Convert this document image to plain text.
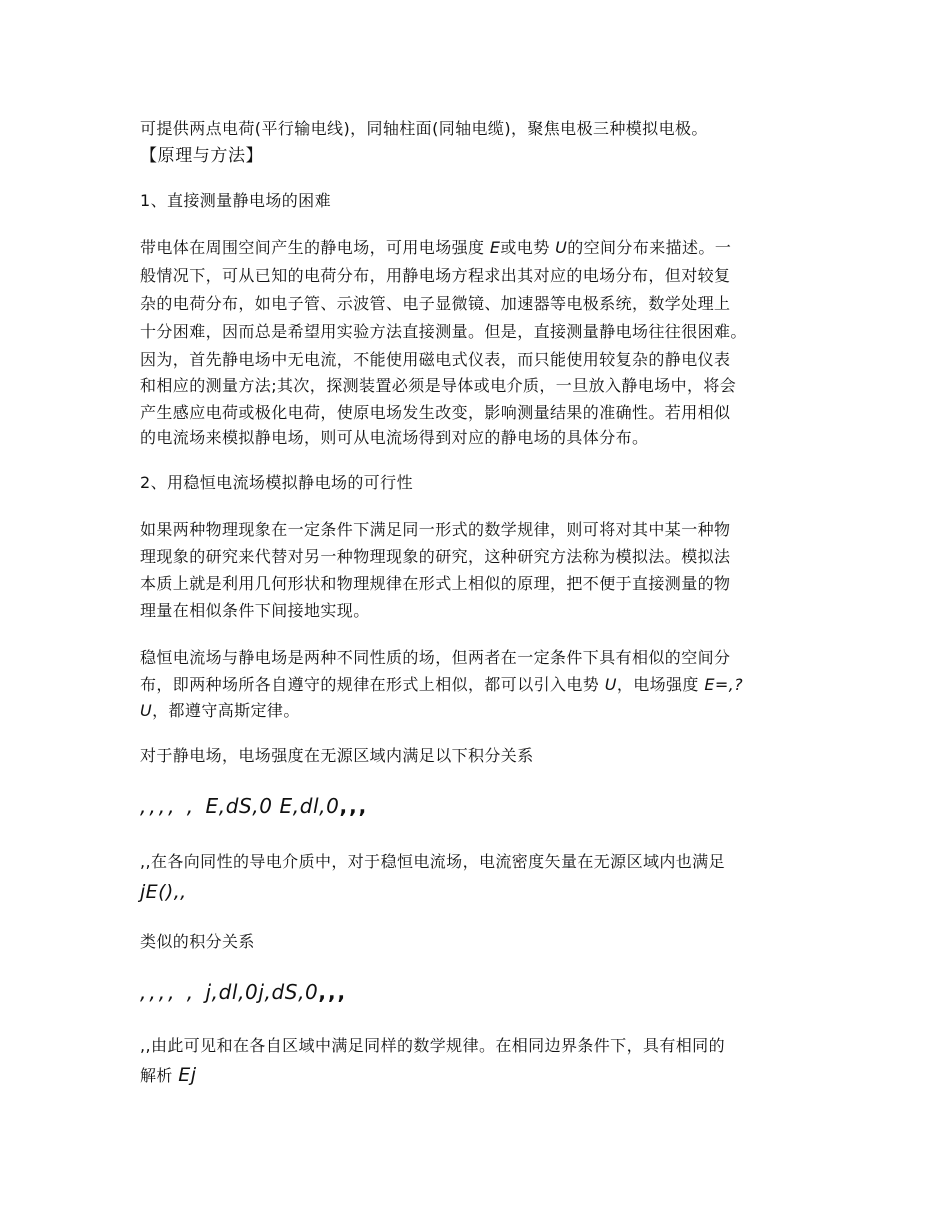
可提供两点电荷(平行输电线)，同轴柱面(同轴电缆)，聚焦电极三种模拟电极。
【原理与方法】
1、直接测量静电场的困难
带电体在周围空间产生的静电场，可用电场强度 E或电势 U的空间分布来描述。一
般情况下，可从已知的电荷分布，用静电场方程求出其对应的电场分布，但对较复
杂的电荷分布，如电子管、示波管、电子显微镜、加速器等电极系统，数学处理上
十分困难，因而总是希望用实验方法直接测量。但是，直接测量静电场往往很困难。
因为，首先静电场中无电流，不能使用磁电式仪表，而只能使用较复杂的静电仪表
和相应的测量方法;其次，探测装置必须是导体或电介质，一旦放入静电场中，将会
产生感应电荷或极化电荷，使原电场发生改变，影响测量结果的准确性。若用相似
的电流场来模拟静电场，则可从电流场得到对应的静电场的具体分布。
2、用稳恒电流场模拟静电场的可行性
如果两种物理现象在一定条件下满足同一形式的数学规律，则可将对其中某一种物
理现象的研究来代替对另一种物理现象的研究，这种研究方法称为模拟法。模拟法
本质上就是利用几何形状和物理规律在形式上相似的原理，把不便于直接测量的物
理量在相似条件下间接地实现。
稳恒电流场与静电场是两种不同性质的场，但两者在一定条件下具有相似的空间分
布，即两种场所各自遵守的规律在形式上相似，都可以引入电势 U，电场强度 E=,?
U，都遵守高斯定律。
对于静电场，电场强度在无源区域内满足以下积分关系
,,,, , E,dS,0 E,dl,0,,,
,,在各向同性的导电介质中，对于稳恒电流场，电流密度矢量在无源区域内也满足
jE(),,
类似的积分关系
,,,, , j,dl,0j,dS,0,,,
,,由此可见和在各自区域中满足同样的数学规律。在相同边界条件下，具有相同的
解析 Ej
